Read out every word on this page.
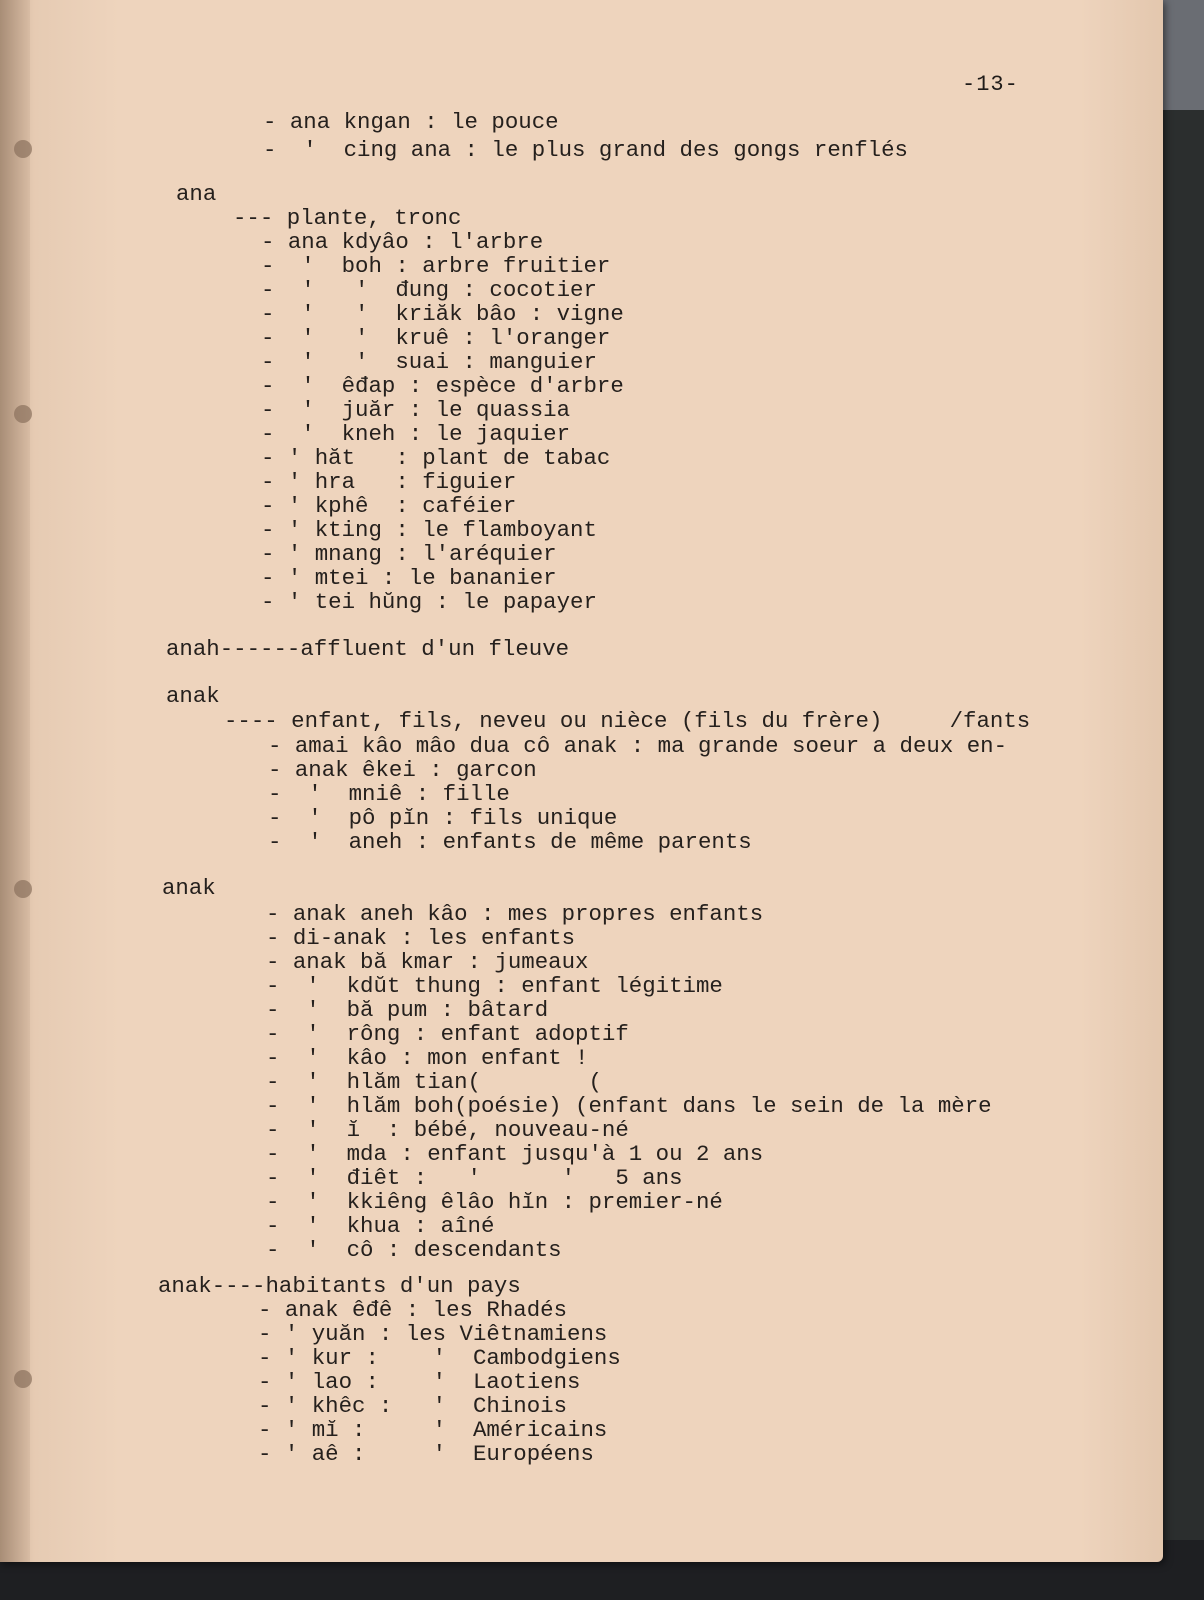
-13-
- ana kngan : le pouce
-  '  cing ana : le plus grand des gongs renflés
ana
--- plante, tronc
- ana kdyâo : l'arbre
-  '  boh : arbre fruitier
-  '   '  đung : cocotier
-  '   '  kriăk bâo : vigne
-  '   '  kruê : l'oranger
-  '   '  suai : manguier
-  '  êđap : espèce d'arbre
-  '  juăr : le quassia
-  '  kneh : le jaquier
- ' hăt   : plant de tabac
- ' hra   : figuier
- ' kphê  : caféier
- ' kting : le flamboyant
- ' mnang : l'aréquier
- ' mtei : le bananier
- ' tei hŭng : le papayer
anah------affluent d'un fleuve
anak
---- enfant, fils, neveu ou nièce (fils du frère)     /fants
- amai kâo mâo dua cô anak : ma grande soeur a deux en-
- anak êkei : garcon
-  '  mniê : fille
-  '  pô pĭn : fils unique
-  '  aneh : enfants de même parents
anak
- anak aneh kâo : mes propres enfants
- di-anak : les enfants
- anak bă kmar : jumeaux
-  '  kdŭt thung : enfant légitime
-  '  bă pum : bâtard
-  '  rông : enfant adoptif
-  '  kâo : mon enfant !
-  '  hlăm tian(        (
-  '  hlăm boh(poésie) (enfant dans le sein de la mère
-  '  ĭ  : bébé, nouveau-né
-  '  mda : enfant jusqu'à 1 ou 2 ans
-  '  điêt :   '      '   5 ans
-  '  kkiêng êlâo hĭn : premier-né
-  '  khua : aîné
-  '  cô : descendants
anak----habitants d'un pays
- anak êđê : les Rhadés
- ' yuăn : les Viêtnamiens
- ' kur :    '  Cambodgiens
- ' lao :    '  Laotiens
- ' khêc :   '  Chinois
- ' mĭ :     '  Américains
- ' aê :     '  Européens
